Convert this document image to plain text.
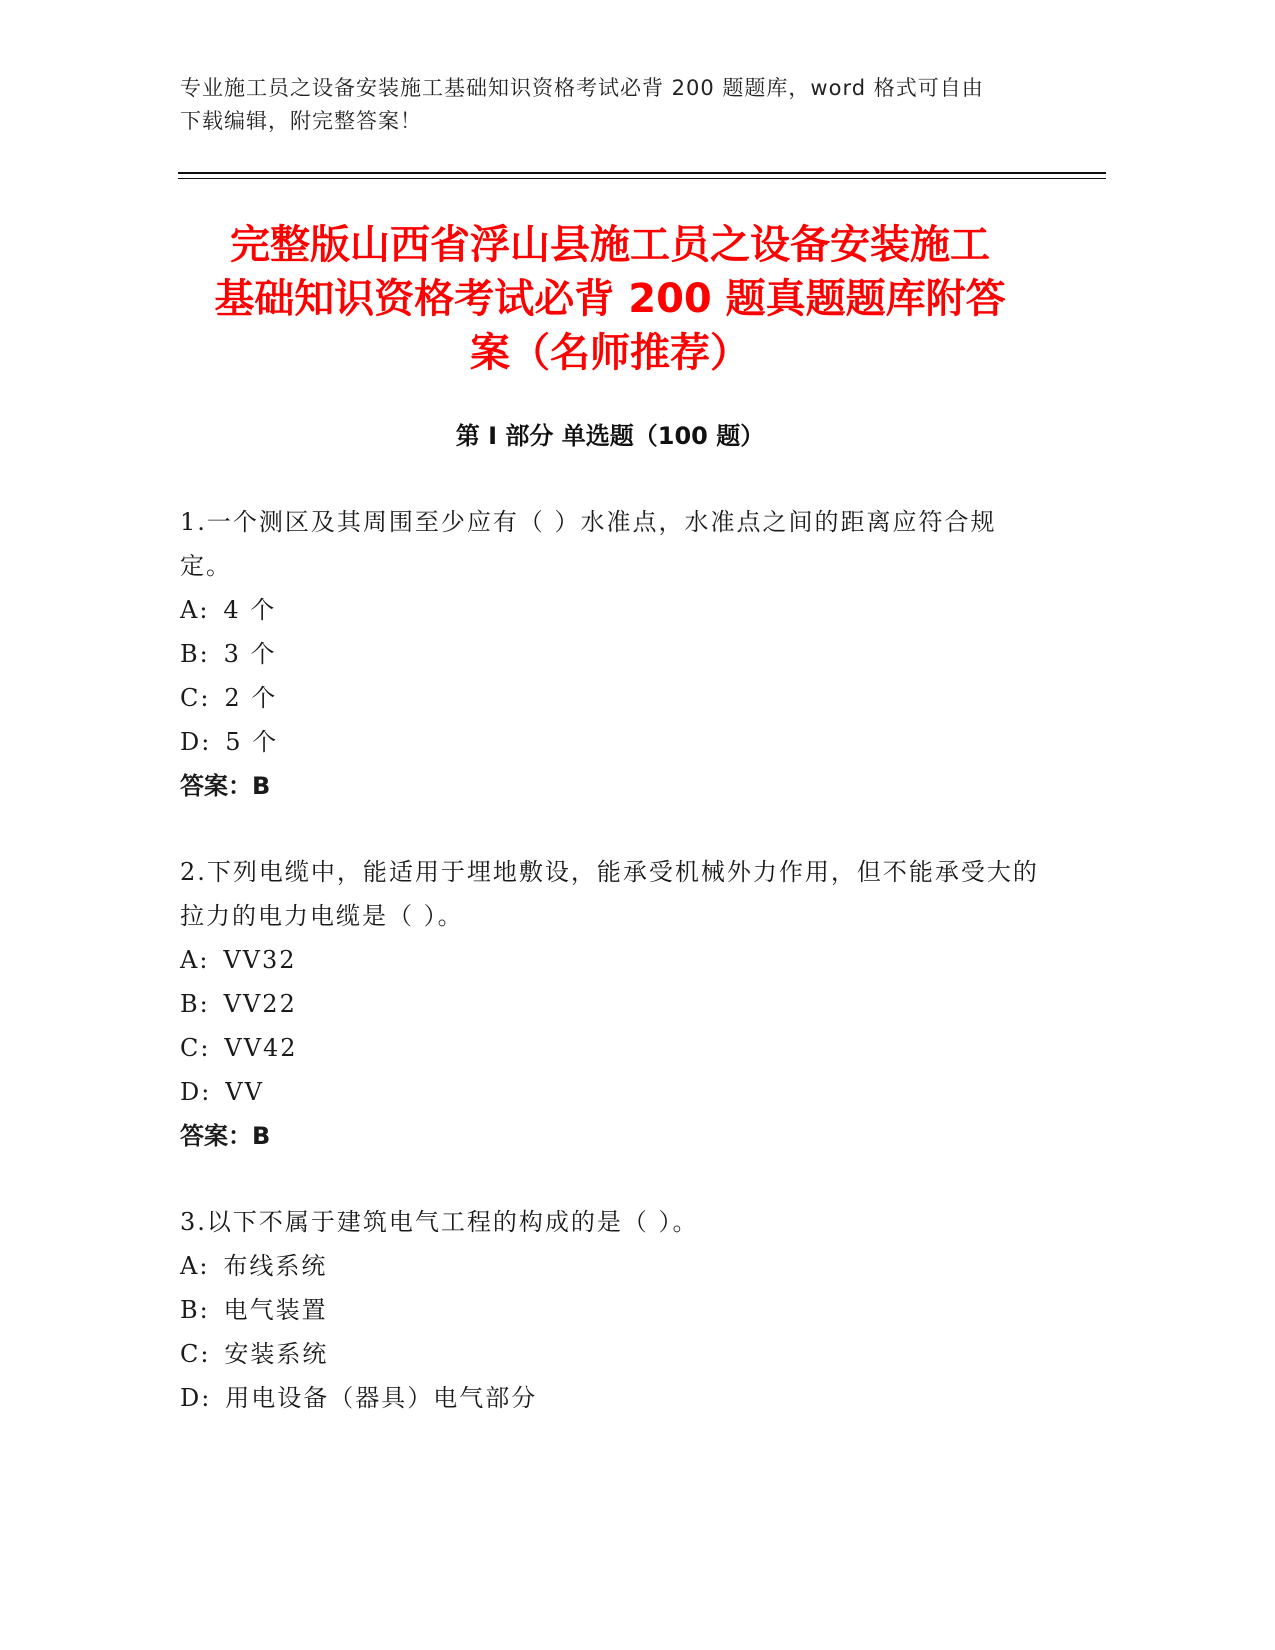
专业施工员之设备安装施工基础知识资格考试必背 200 题题库，word 格式可自由
下载编辑，附完整答案！
完整版山西省浮山县施工员之设备安装施工
基础知识资格考试必背 200 题真题题库附答
案（名师推荐）
第 I 部分 单选题（100 题）

1.一个测区及其周围至少应有（ ）水准点，水准点之间的距离应符合规定。

A: 4 个

B: 3 个

C: 2 个

D: 5 个

答案：B

2.下列电缆中，能适用于埋地敷设，能承受机械外力作用，但不能承受大的拉力的电力电缆是（ ）。

A: VV32

B: VV22

C: VV42

D: VV

答案：B

3.以下不属于建筑电气工程的构成的是（ ）。

A: 布线系统

B: 电气装置

C: 安装系统

D: 用电设备（器具）电气部分
